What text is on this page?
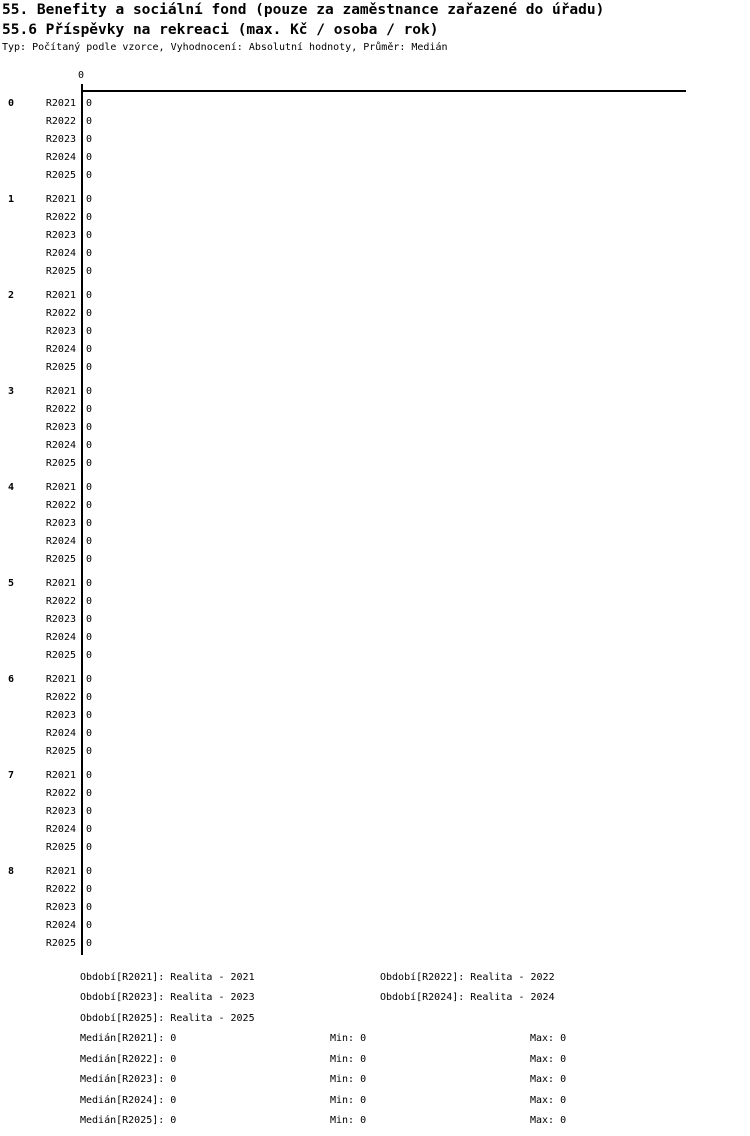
55. Benefity a sociální fond (pouze za zaměstnance zařazené do úřadu)
55.6 Příspěvky na rekreaci (max. Kč / osoba / rok)
Typ: Počítaný podle vzorce, Vyhodnocení: Absolutní hodnoty, Průměr: Medián
0
0	R2021 0
R2022 0
R2023 0
R2024 0
R2025 0
1	R2021 0
R2022 0
R2023 0
R2024 0
R2025 0
2	R2021 0
R2022 0
R2023 0
R2024 0
R2025 0
3	R2021 0
R2022 0
R2023 0
R2024 0
R2025 0
4	R2021 0
R2022 0
R2023 0
R2024 0
R2025 0
5	R2021 0
R2022 0
R2023 0
R2024 0
R2025 0
6	R2021 0
R2022 0
R2023 0
R2024 0
R2025 0
7	R2021 0
R2022 0
R2023 0
R2024 0
R2025 0
8	R2021 0
R2022 0
R2023 0
R2024 0
R2025 0
Období[R2021]: Realita - 2021	Období[R2022]: Realita - 2022
Období[R2023]: Realita - 2023	Období[R2024]: Realita - 2024
Období[R2025]: Realita - 2025
Medián[R2021]: 0	Min: 0	Max: 0
Medián[R2022]: 0	Min: 0	Max: 0
Medián[R2023]: 0	Min: 0	Max: 0
Medián[R2024]: 0	Min: 0	Max: 0
Medián[R2025]: 0	Min: 0	Max: 0
